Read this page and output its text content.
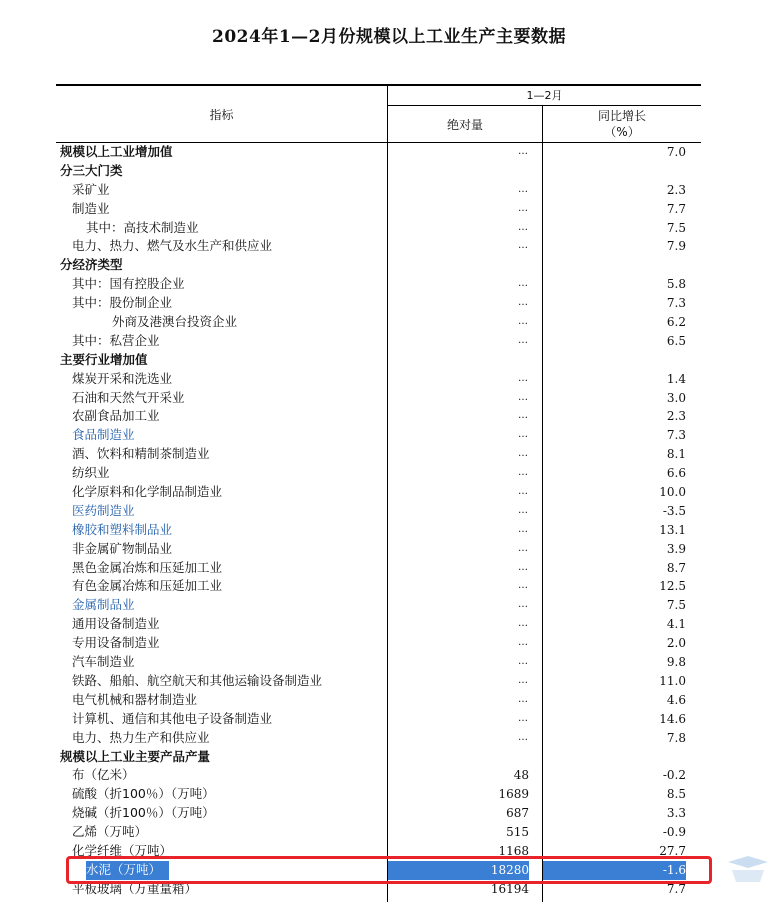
2024年1—2月份规模以上工业生产主要数据
指标
1—2月
绝对量
同比增长
（%）
规模以上工业增加值	…	7.0
分三大门类
采矿业	…	2.3
制造业	…	7.7
其中：高技术制造业	…	7.5
电力、热力、燃气及水生产和供应业	…	7.9
分经济类型
其中：国有控股企业	…	5.8
其中：股份制企业	…	7.3
外商及港澳台投资企业	…	6.2
其中：私营企业	…	6.5
主要行业增加值
煤炭开采和洗选业	…	1.4
石油和天然气开采业	…	3.0
农副食品加工业	…	2.3
食品制造业	…	7.3
酒、饮料和精制茶制造业	…	8.1
纺织业	…	6.6
化学原料和化学制品制造业	…	10.0
医药制造业	…	-3.5
橡胶和塑料制品业	…	13.1
非金属矿物制品业	…	3.9
黑色金属冶炼和压延加工业	…	8.7
有色金属冶炼和压延加工业	…	12.5
金属制品业	…	7.5
通用设备制造业	…	4.1
专用设备制造业	…	2.0
汽车制造业	…	9.8
铁路、船舶、航空航天和其他运输设备制造业	…	11.0
电气机械和器材制造业	…	4.6
计算机、通信和其他电子设备制造业	…	14.6
电力、热力生产和供应业	…	7.8
规模以上工业主要产品产量
布（亿米）	48	-0.2
硫酸（折100％）（万吨）	1689	8.5
烧碱（折100％）（万吨）	687	3.3
乙烯（万吨）	515	-0.9
化学纤维（万吨）	1168	27.7
水泥（万吨）	18280	-1.6
平板玻璃（万重量箱）	16194	7.7
